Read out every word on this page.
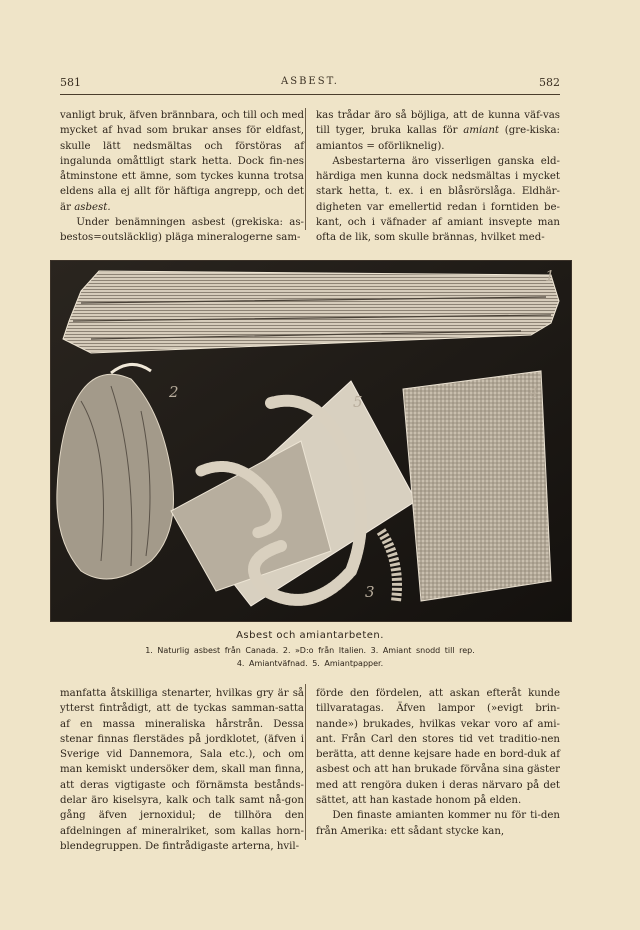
581	ASBEST.	582

vanligt bruk, äfven brännbara, och till och med mycket af hvad som brukar anses för eldfast, skulle lätt nedsmältas och förstöras af ingalunda omåttligt stark hetta. Dock fin-nes åtminstone ett ämne, som tyckes kunna trotsa eldens alla ej allt för häftiga angrepp, och det är asbest.

Under benämningen asbest (grekiska: as-bestos=outsläcklig) pläga mineralogerne sam-

kas trådar äro så böjliga, att de kunna väf-vas till tyger, bruka kallas för amiant (gre-kiska: amiantos = oförliknelig).

Asbestarterna äro visserligen ganska eld-härdiga men kunna dock nedsmältas i mycket stark hetta, t. ex. i en blåsrörslåga. Eldhär-digheten var emellertid redan i forntiden be-kant, och i väfnader af amiant insvepte man ofta de lik, som skulle brännas, hvilket med-

1
2
3
4
5
Asbest och amiantarbeten.
1. Naturlig asbest från Canada. 2. »D:o från Italien. 3. Amiant snodd till rep.
4. Amiantväfnad. 5. Amiantpapper.

manfatta åtskilliga stenarter, hvilkas gry är så ytterst fintrådigt, att de tyckas samman-satta af en massa mineraliska hårstrån. Dessa stenar finnas flerstädes på jordklotet, (äfven i Sverige vid Dannemora, Sala etc.), och om man kemiskt undersöker dem, skall man finna, att deras vigtigaste och förnämsta bestånds-delar äro kiselsyra, kalk och talk samt nå-gon gång äfven jernoxidul; de tillhöra den afdelningen af mineralriket, som kallas horn-blendegruppen. De fintrådigaste arterna, hvil-

förde den fördelen, att askan efteråt kunde tillvaratagas. Äfven lampor (»evigt brin-nande») brukades, hvilkas vekar voro af ami-ant. Från Carl den stores tid vet traditio-nen berätta, att denne kejsare hade en bord-duk af asbest och att han brukade förvåna sina gäster med att rengöra duken i deras närvaro på det sättet, att han kastade honom på elden.

Den finaste amianten kommer nu för ti-den från Amerika: ett sådant stycke kan,
